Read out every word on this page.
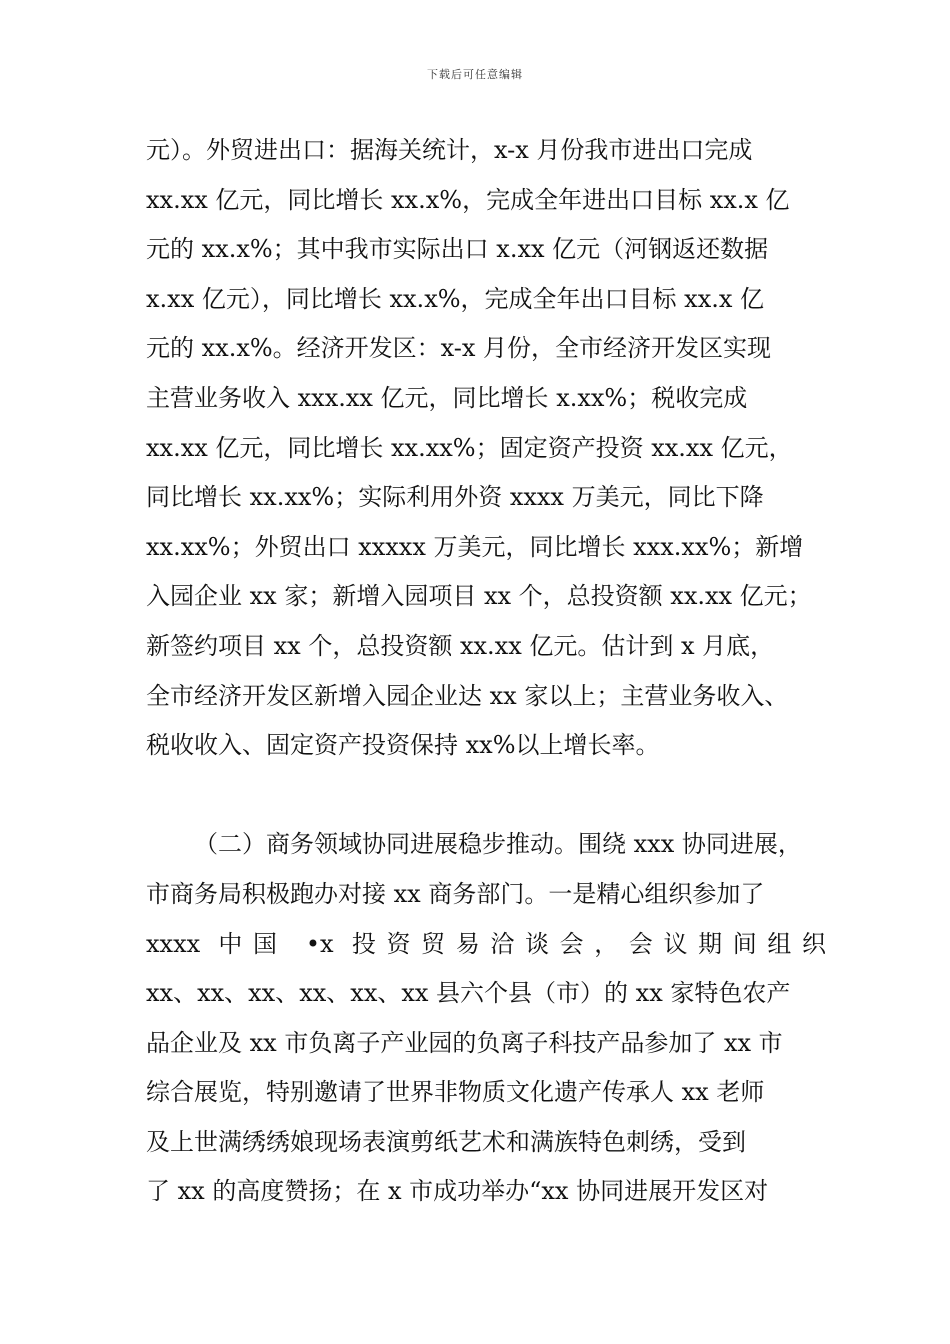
下载后可任意编辑
元）。外贸进出口：据海关统计，x-x 月份我市进出口完成
xx.xx 亿元，同比增长 xx.x%，完成全年进出口目标 xx.x 亿
元的 xx.x%；其中我市实际出口 x.xx 亿元（河钢返还数据
x.xx 亿元），同比增长 xx.x%，完成全年出口目标 xx.x 亿
元的 xx.x%。经济开发区：x-x 月份，全市经济开发区实现
主营业务收入 xxx.xx 亿元，同比增长 x.xx%；税收完成
xx.xx 亿元，同比增长 xx.xx%；固定资产投资 xx.xx 亿元，
同比增长 xx.xx%；实际利用外资 xxxx 万美元，同比下降
xx.xx%；外贸出口 xxxxx 万美元，同比增长 xxx.xx%；新增
入园企业 xx 家；新增入园项目 xx 个，总投资额 xx.xx 亿元；
新签约项目 xx 个，总投资额 xx.xx 亿元。估计到 x 月底，
全市经济开发区新增入园企业达 xx 家以上；主营业务收入、
税收收入、固定资产投资保持 xx%以上增长率。
（二）商务领域协同进展稳步推动。围绕 xxx 协同进展，
市商务局积极跑办对接 xx 商务部门。一是精心组织参加了
xxxx 中国 •x 投资贸易洽谈会，会议期间组织
xx、xx、xx、xx、xx、xx 县六个县（市）的 xx 家特色农产
品企业及 xx 市负离子产业园的负离子科技产品参加了 xx 市
综合展览，特别邀请了世界非物质文化遗产传承人 xx 老师
及上世满绣绣娘现场表演剪纸艺术和满族特色刺绣，受到
了 xx 的高度赞扬；在 x 市成功举办“xx 协同进展开发区对
